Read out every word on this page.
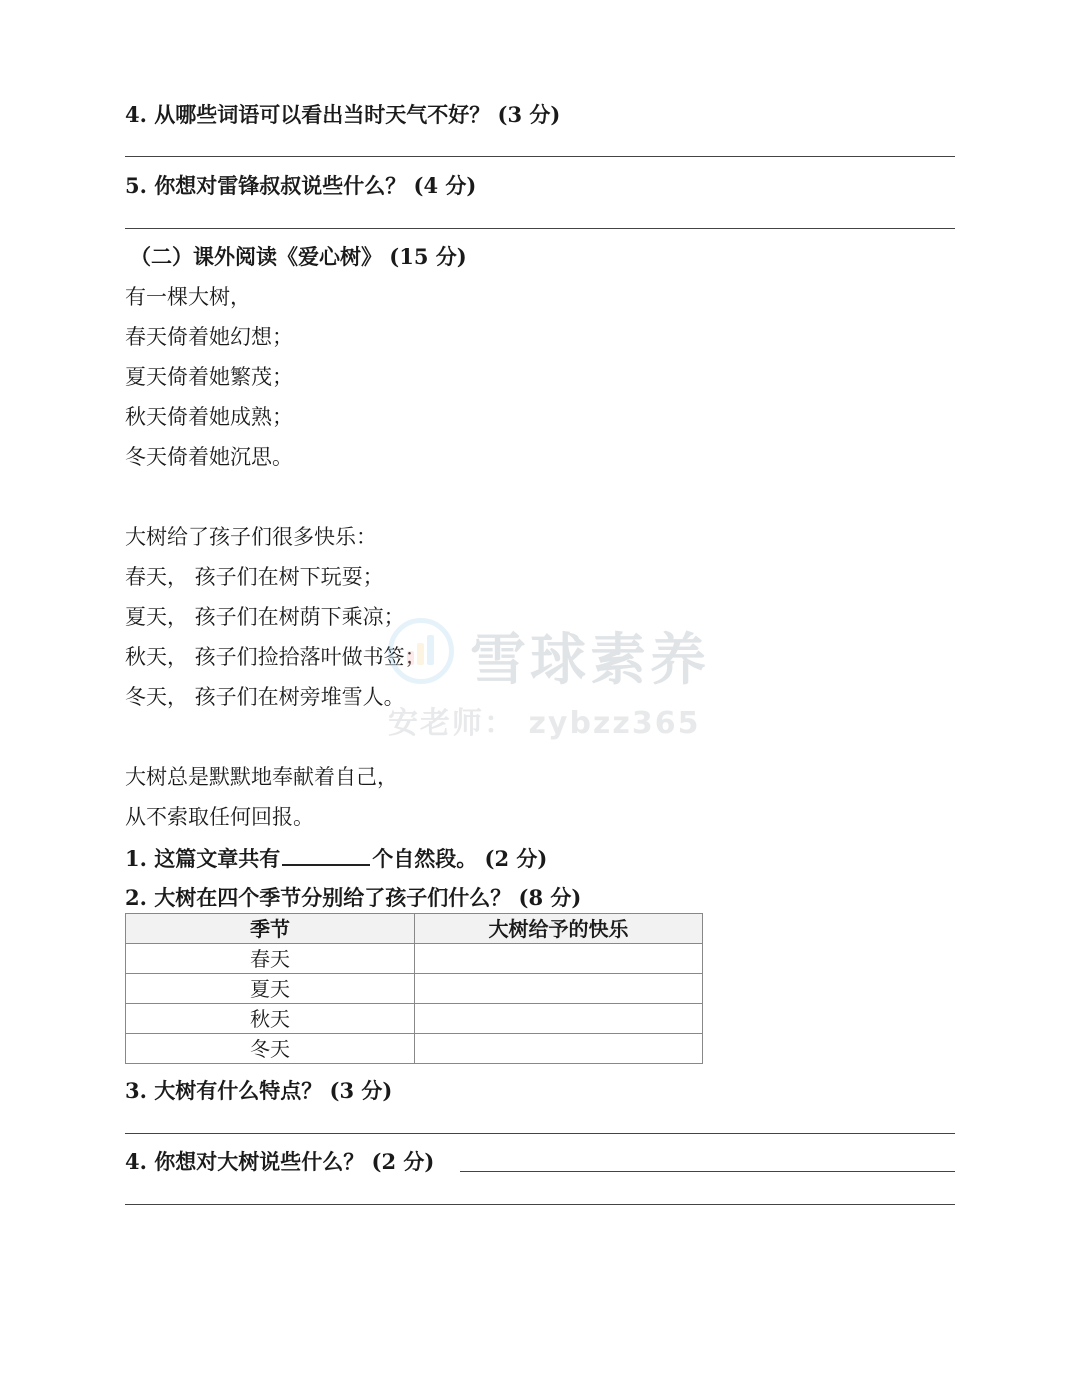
4. 从哪些词语可以看出当时天气不好？ (3 分)
5. 你想对雷锋叔叔说些什么？ (4 分)
（二）课外阅读《爱心树》 (15 分)
有一棵大树，
春天倚着她幻想；
夏天倚着她繁茂；
秋天倚着她成熟；
冬天倚着她沉思。
大树给了孩子们很多快乐：
春天， 孩子们在树下玩耍；
夏天， 孩子们在树荫下乘凉；
秋天， 孩子们捡拾落叶做书签；
冬天， 孩子们在树旁堆雪人。
大树总是默默地奉献着自己，
从不索取任何回报。
1. 这篇文章共有	个自然段。 (2 分)
2. 大树在四个季节分别给了孩子们什么？ (8 分)
季节	大树给予的快乐
春天	
夏天	
秋天	
冬天	
3. 大树有什么特点？ (3 分)
4. 你想对大树说些什么？ (2 分)
雪球素养
安老师： zybzz365
